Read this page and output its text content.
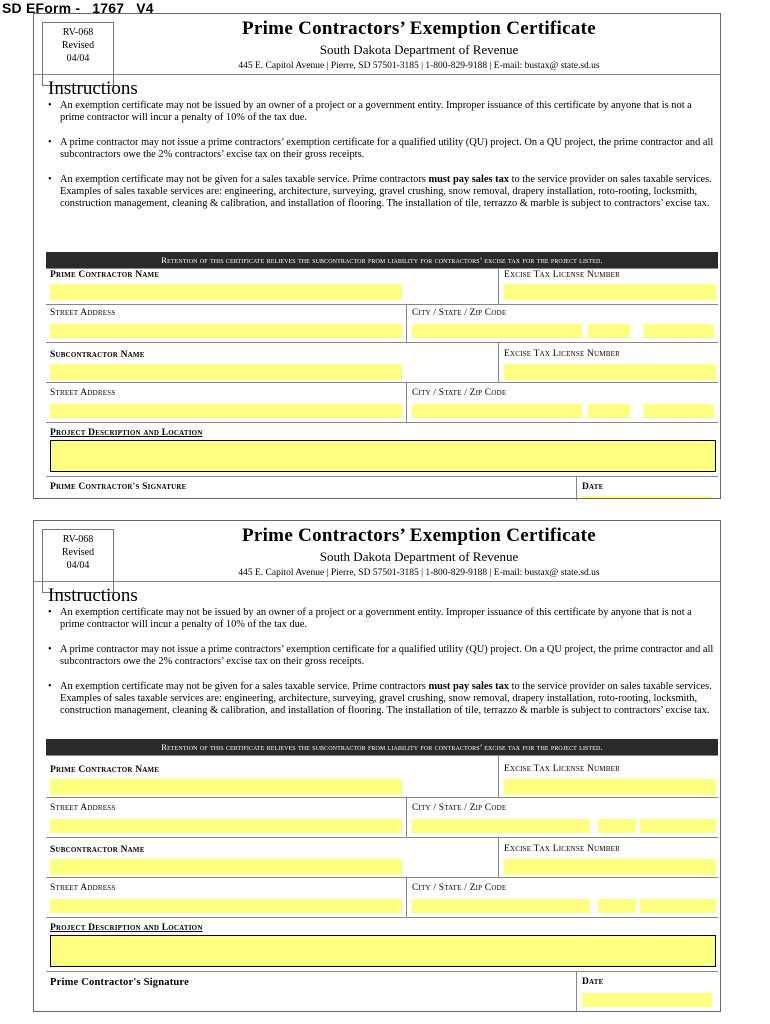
SD EForm - 1767 V4
RV-068
Revised
04/04
Prime Contractors’ Exemption Certificate
South Dakota Department of Revenue
445 E. Capitol Avenue | Pierre, SD 57501-3185 | 1-800-829-9188 | E-mail: bustax@ state.sd.us
Instructions
• An exemption certificate may not be issued by an owner of a project or a government entity. Improper issuance of this certificate by anyone that is not a prime contractor will incur a penalty of 10% of the tax due.
• A prime contractor may not issue a prime contractors’ exemption certificate for a qualified utility (QU) project. On a QU project, the prime contractor and all subcontractors owe the 2% contractors’ excise tax on their gross receipts.
• An exemption certificate may not be given for a sales taxable service. Prime contractors must pay sales tax to the service provider on sales taxable services. Examples of sales taxable services are: engineering, architecture, surveying, gravel crushing, snow removal, drapery installation, roto-rooting, locksmith, construction management, cleaning & calibration, and installation of flooring. The installation of tile, terrazzo & marble is subject to contractors’ excise tax.
Retention of this certificate relieves the subcontractor from liability for contractors’ excise tax for the project listed.
Prime Contractor Name	Excise Tax License Number
Street Address	City / State / Zip Code
Subcontractor Name	Excise Tax License Number
Street Address	City / State / Zip Code
Project Description and Location
Prime Contractor's Signature	Date
RV-068
Revised
04/04
Prime Contractors’ Exemption Certificate
South Dakota Department of Revenue
445 E. Capitol Avenue | Pierre, SD 57501-3185 | 1-800-829-9188 | E-mail: bustax@ state.sd.us
Instructions
• An exemption certificate may not be issued by an owner of a project or a government entity. Improper issuance of this certificate by anyone that is not a prime contractor will incur a penalty of 10% of the tax due.
• A prime contractor may not issue a prime contractors’ exemption certificate for a qualified utility (QU) project. On a QU project, the prime contractor and all subcontractors owe the 2% contractors’ excise tax on their gross receipts.
• An exemption certificate may not be given for a sales taxable service. Prime contractors must pay sales tax to the service provider on sales taxable services. Examples of sales taxable services are: engineering, architecture, surveying, gravel crushing, snow removal, drapery installation, roto-rooting, locksmith, construction management, cleaning & calibration, and installation of flooring. The installation of tile, terrazzo & marble is subject to contractors’ excise tax.
Retention of this certificate relieves the subcontractor from liability for contractors’ excise tax for the project listed.
Prime Contractor Name	Excise Tax License Number
Street Address	City / State / Zip Code
Subcontractor Name	Excise Tax License Number
Street Address	City / State / Zip Code
Project Description and Location
Prime Contractor's Signature	Date
